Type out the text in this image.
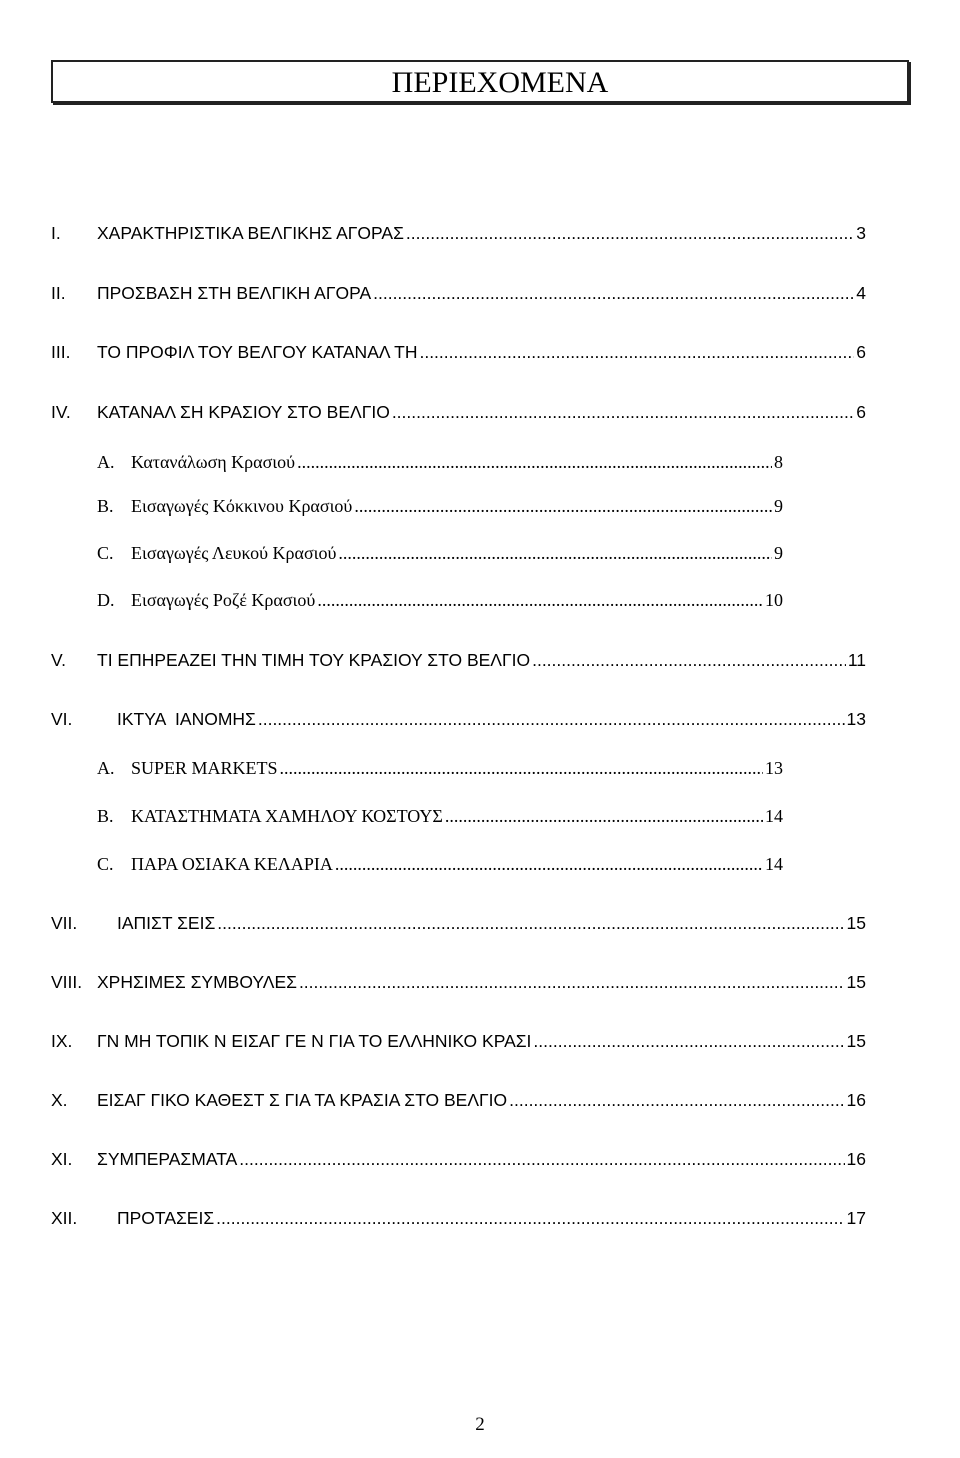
ΠΕΡΙΕΧΟΜΕΝΑ
I. ΧΑΡΑΚΤΗΡΙΣΤΙΚΑ ΒΕΛΓΙΚΗΣ ΑΓΟΡΑΣ .....	3
II. ΠΡΟΣΒΑΣΗ ΣΤΗ ΒΕΛΓΙΚΗ ΑΓΟΡΑ .....	4
III. ΤΟ ΠΡΟΦΙΛ ΤΟΥ ΒΕΛΓΟΥ ΚΑΤΑΝΑΛ ΤΗ .....	6
IV. ΚΑΤΑΝΑΛ ΣΗ ΚΡΑΣΙΟΥ ΣΤΟ ΒΕΛΓΙΟ .....	6
A. Κατανάλωση Κρασιού .....	8
B. Εισαγωγές Κόκκινου Κρασιού .....	9
C. Εισαγωγές Λευκού Κρασιού .....	9
D. Εισαγωγές Ροζέ Κρασιού .....	10
V. ΤΙ ΕΠΗΡΕΑΖΕΙ ΤΗΝ ΤΙΜΗ ΤΟΥ ΚΡΑΣΙΟΥ ΣΤΟ ΒΕΛΓΙΟ .....	11
VI.	ΙΚΤΥΑ  ΙΑΝΟΜΗΣ .....	13
A. SUPER MARKETS .....	13
B. ΚΑΤΑΣΤΗΜΑΤΑ ΧΑΜΗΛΟΥ ΚΟΣΤΟΥΣ .....	14
C. ΠΑΡΑ ΟΣΙΑΚΑ ΚΕΛΑΡΙΑ .....	14
VII. ΙΑΠΙΣΤ ΣΕΙΣ .....	15
VIII. ΧΡΗΣΙΜΕΣ ΣΥΜΒΟΥΛΕΣ .....	15
IX. ΓΝ ΜΗ ΤΟΠΙΚ Ν ΕΙΣΑΓ ΓΕ Ν ΓΙΑ ΤΟ ΕΛΛΗΝΙΚΟ ΚΡΑΣΙ .....	15
X. ΕΙΣΑΓ ΓΙΚΟ ΚΑΘΕΣΤ Σ ΓΙΑ ΤΑ ΚΡΑΣΙΑ ΣΤΟ ΒΕΛΓΙΟ .....	16
XI. ΣΥΜΠΕΡΑΣΜΑΤΑ .....	16
XII. ΠΡΟΤΑΣΕΙΣ .....	17
2
